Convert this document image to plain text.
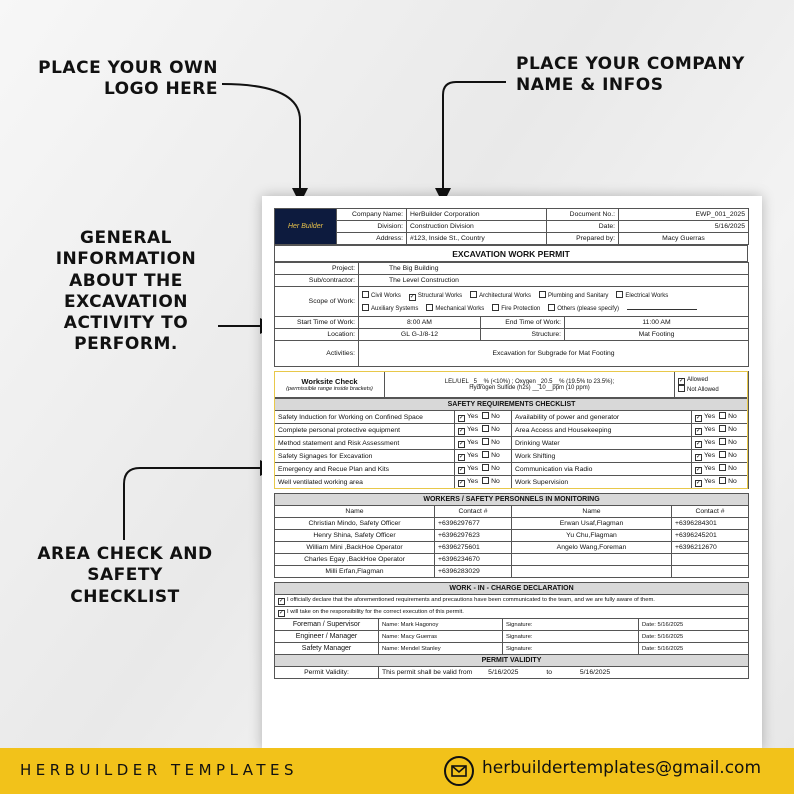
PLACE YOUR OWN
LOGO HERE
PLACE YOUR COMPANY
NAME & INFOS
GENERAL
INFORMATION
ABOUT THE
EXCAVATION
ACTIVITY TO
PERFORM.
AREA CHECK AND
SAFETY
CHECKLIST
Her Builder	Company Name:	HerBuilder Corporation	Document No.:	EWP_001_2025
	Division:	Construction Division	Date:	5/16/2025
	Address:	#123, Inside St., Country	Prepared by:	Macy Guerras
EXCAVATION WORK PERMIT
Project:	The Big Building		
Sub/contractor:	The Level Construction		
Scope of Work:	Civil Works ✓ Structural Works Architectural Works Plumbing and Sanitary Electrical Works
Auxiliary Systems Mechanical Works Fire Protection Others (please specify)		

Start Time of Work:	8:00 AM	End Time of Work:	11:00 AM
Location:	GL G-J/8-12	Structure:	Mat Footing
Activities:	Excavation for Subgrade for Mat Footing		
Worksite Check
(permissible range inside brackets)

LEL/UEL _5__% (<10%) ; Oxygen _20.5__% (19.5% to 23.5%);
Hydrogen Sulfide (h2s) __10__ppm (10 ppm)

✓ Allowed
Not Allowed
SAFETY REQUIREMENTS CHECKLIST			
Safety Induction for Working on Confined Space	✓ Yes No	Availability of power and generator	✓ Yes No
Complete personal protective equipment	✓ Yes No	Area Access and Housekeeping	✓ Yes No
Method statement and Risk Assessment	✓ Yes No	Drinking Water	✓ Yes No
Safety Signages for Excavation	✓ Yes No	Work Shifting	✓ Yes No
Emergency and Recue Plan and Kits	✓ Yes No	Communication via Radio	✓ Yes No
Well ventilated working area	✓ Yes No	Work Supervision	✓ Yes No
WORKERS / SAFETY PERSONNELS IN MONITORING			
Name	Contact #	Name	Contact #
Christian Mindo, Safety Officer	+6396297677	Erwan Usaf,Flagman	+6396284301
Henry Shina, Safety Officer	+6396297623	Yu Chu,Flagman	+6396245201
William Mini ,BackHoe Operator	+6396275601	Angelo Wang,Foreman	+6396212670
Charles Egay ,BackHoe Operator	+6396234670		
Milli Erfan,Flagman	+6396283029		
WORK - IN - CHARGE DECLARATION			
✓ I officially declare that the aforementioned requirements and precautions have been communicated to the team, and we are fully aware of them.			
✓ I will take on the responsibility for the correct execution of this permit.			
Foreman / Supervisor	Name: Mark Hagonoy	Signature:	Date: 5/16/2025
Engineer / Manager	Name: Macy Guerras	Signature:	Date: 5/16/2025
Safety Manager	Name: Mendel Stanley	Signature:	Date: 5/16/2025
PERMIT VALIDITY			
Permit Validity:	This permit shall be valid from 5/16/2025 to 5/16/2025		
HERBUILDER TEMPLATES	herbuildertemplates@gmail.com
